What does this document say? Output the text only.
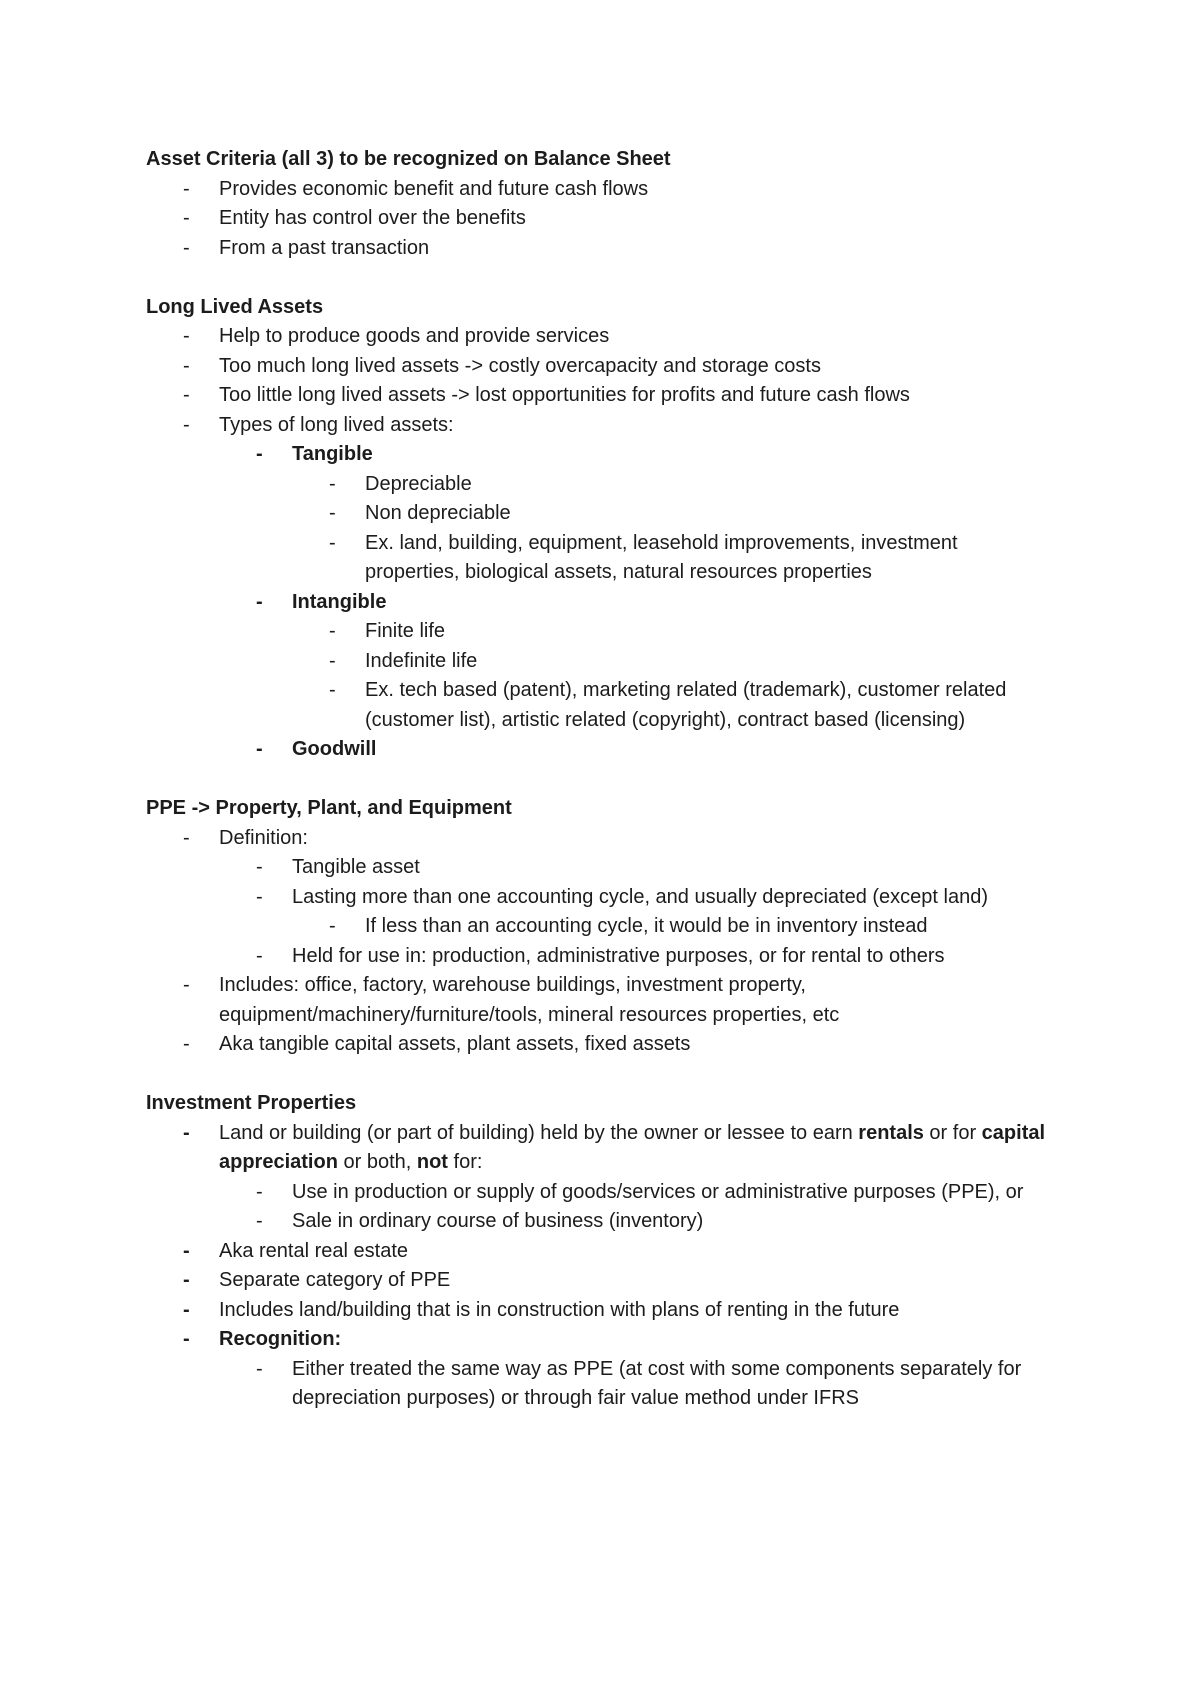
Asset Criteria (all 3) to be recognized on Balance Sheet
- Provides economic benefit and future cash flows
- Entity has control over the benefits
- From a past transaction
Long Lived Assets
- Help to produce goods and provide services
- Too much long lived assets -> costly overcapacity and storage costs
- Too little long lived assets -> lost opportunities for profits and future cash flows
- Types of long lived assets:
- Tangible
- Depreciable
- Non depreciable
- Ex. land, building, equipment, leasehold improvements, investment properties, biological assets, natural resources properties
- Intangible
- Finite life
- Indefinite life
- Ex. tech based (patent), marketing related (trademark), customer related (customer list), artistic related (copyright), contract based (licensing)
- Goodwill
PPE -> Property, Plant, and Equipment
- Definition:
- Tangible asset
- Lasting more than one accounting cycle, and usually depreciated (except land)
- If less than an accounting cycle, it would be in inventory instead
- Held for use in: production, administrative purposes, or for rental to others
- Includes: office, factory, warehouse buildings, investment property, equipment/machinery/furniture/tools, mineral resources properties, etc
- Aka tangible capital assets, plant assets, fixed assets
Investment Properties
- Land or building (or part of building) held by the owner or lessee to earn rentals or for capital appreciation or both, not for:
- Use in production or supply of goods/services or administrative purposes (PPE), or
- Sale in ordinary course of business (inventory)
- Aka rental real estate
- Separate category of PPE
- Includes land/building that is in construction with plans of renting in the future
- Recognition:
- Either treated the same way as PPE (at cost with some components separately for depreciation purposes) or through fair value method under IFRS
